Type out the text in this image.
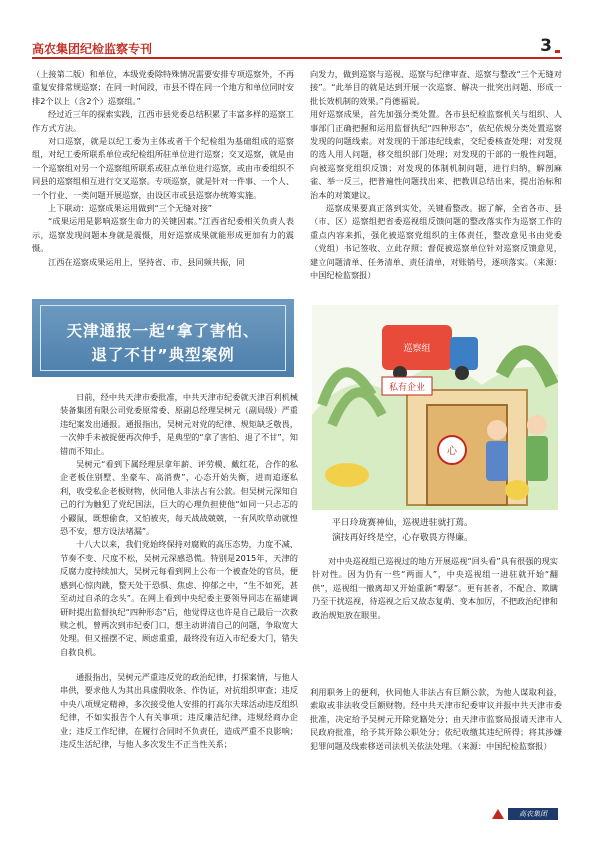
高农集团纪检监察专刊	3

（上接第二版）和单位，本级党委除特殊情况需要安排专项巡察外，不再重复安排常规巡察；在同一时间段，市县不得在同一个地方和单位同时安排2个以上（含2个）巡察组。”

经过近三年的探索实践，江西市县党委总结积累了丰富多样的巡察工作方式方法。

对口巡察，就是以纪工委为主体或者干个纪检组为基础组成的巡察组，对纪工委所联系单位或纪检组所驻单位进行巡察；交叉巡察，就是由一个巡察组对另一个巡察组所联系或驻点单位进行巡察，或由市委组织不同县的巡察组相互进行交叉巡察。专项巡察，就是针对一件事、一个人、一个行业、一类问题开展巡察，由设区市或县巡察办统筹实施。

上下联动：巡察成果运用做到“三个无缝对接”

“成果运用是影响巡察生命力的关键因素。”江西省纪委相关负责人表示，巡察发现问题本身就是震慑，用好巡察成果就能形成更加有力的震慑。

江西在巡察成果运用上，坚持省、市、县同频共振，同

向发力，做到巡察与巡视、巡察与纪律审查、巡察与整改“三个无缝对接”。“此举目的就是达到开展一次巡察、解决一批突出问题、形成一批长效机制的效果。”肖德福说。

用好巡察成果，首先加强分类处置。各市县纪检监察机关与组织、人事部门正确把握和运用监督执纪“四种形态”，依纪依规分类处置巡察发现的问题线索。对发现的干部违纪线索，交纪委核查处理；对发现的选人用人问题，移交组织部门处理；对发现的干部的一般性问题，向被巡察党组织反馈；对发现的体制机制问题，进行归纳，解剖麻雀、举一反三，把普遍性问题找出来、把教训总结出来，提出治标和治本的对策建议。

巡察成果要真正落到实处，关键看整改。据了解，全省各市、县（市、区）巡察组把省委巡视组反馈问题的整改落实作为巡察工作的重点内容来抓，强化被巡察党组织的主体责任，整改意见书由党委（党组）书记签收、立此存照；督促被巡察单位针对巡察反馈意见，建立问题清单、任务清单、责任清单，对账销号，逐项落实。（来源：中国纪检监察报）

天津通报一起“拿了害怕、
退了不甘”典型案例

日前，经中共天津市委批准，中共天津市纪委就天津百利机械装备集团有限公司党委原常委、原副总经理吴树元（副局级）严重违纪案发出通报。通报指出，吴树元对党的纪律、规矩缺乏敬畏，一次伸手未被捉便再次伸手，是典型的“拿了害怕、退了不甘”，知错而不知止。

吴树元“看到下属经理层拿年薪、评劳模、戴红花，合作的私企老板住别墅、坐豪车、高消费”，心态开始失衡，进而追逐私利，收受私企老板财物，伙同他人非法占有公款。但吴树元深知自己的行为触犯了党纪国法，巨大的心理负担使他“如同一只忐忑的小鼹鼠，既想偷食，又怕被夹，每天战战兢兢，一有风吹草动就惶恐不安，想方设法堵漏”。

十八大以来，我们党始终保持对腐败的高压态势，力度不减、节奏不变、尺度不松，吴树元深感恐慌。特别是2015年，天津的反腐力度持续加大，吴树元每看到网上公布一个被查处的官员，便感到心惊肉跳，整天处于恐惧、焦虑、抑郁之中，“生不如死，甚至动过自杀的念头”。在网上看到中央纪委主要领导同志在福建调研时提出监督执纪“四种形态”后，他觉得这也许是自己最后一次救赎之机，曾两次到市纪委门口，想主动讲清自己的问题，争取宽大处理。但又摇摆不定、顾虑重重，最终没有迈入市纪委大门，错失自救良机。

巡察组
私有企业
心
平日玲珑赛神仙，巡视进驻就打蔫。
演技再好终是空，心存敬畏方得廉。

对中央巡视组已巡视过的地方开展巡视“回头看”具有很强的现实针对性。因为仍有一些“两面人”，中央巡视组一进驻就开始“翻供”，巡视组一撤离却又开始重新“嘚瑟”。更有甚者，不配合、欺瞒乃至干扰巡视，待巡视之后又故态复萌、变本加厉，不把政治纪律和政治规矩放在眼里。

通报指出，吴树元严重违反党的政治纪律，打探案情，与他人串供，要求他人为其出具虚假收条、作伪证，对抗组织审查；违反中央八项规定精神，多次接受他人安排的打高尔夫球活动违反组织纪律，不如实报告个人有关事项；违反廉洁纪律，违规经商办企业；违反工作纪律，在履行合同时不负责任，造成严重不良影响；违反生活纪律，与他人多次发生不正当性关系；

利用职务上的便利，伙同他人非法占有巨额公款，为他人谋取利益，索取或非法收受巨额财物。经中共天津市纪委审议并报中共天津市委批准，决定给予吴树元开除党籍处分；由天津市监察局报请天津市人民政府批准，给予其开除公职处分；依纪收缴其违纪所得；将其涉嫌犯罪问题及线索移送司法机关依法处理。（来源：中国纪检监察报）

高农集团
